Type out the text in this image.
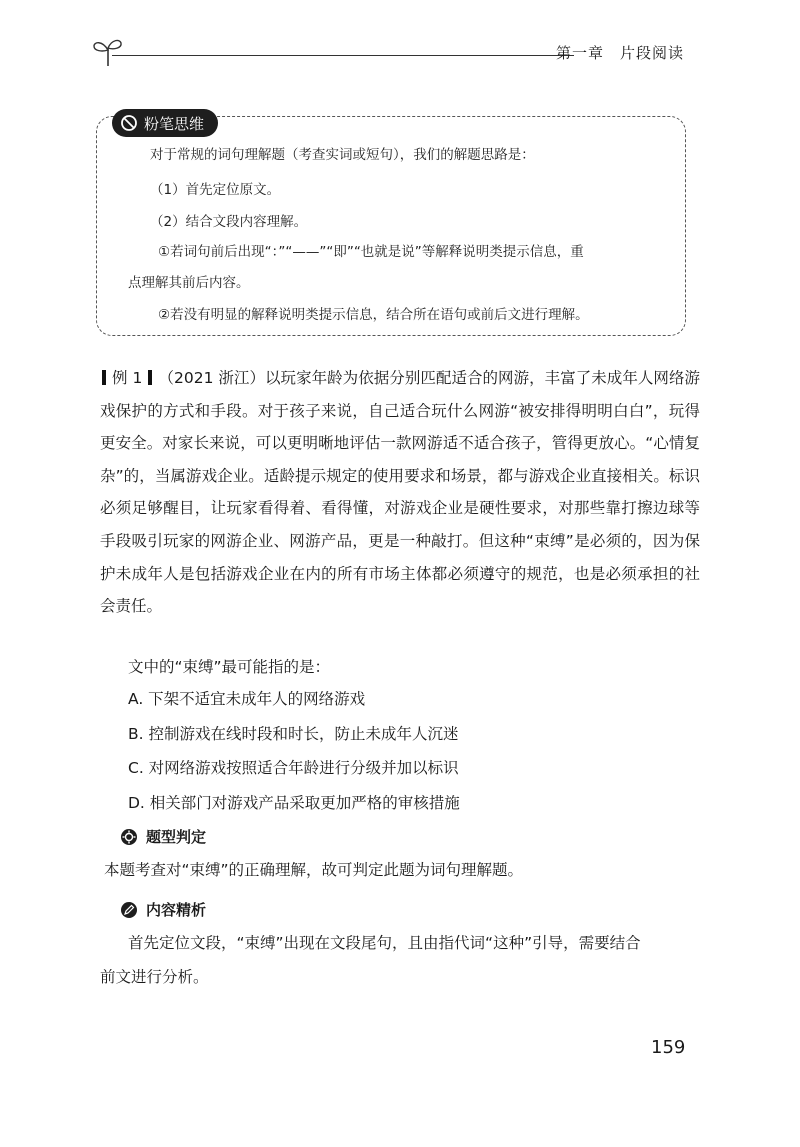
第一章　片段阅读
粉笔思维
对于常规的词句理解题（考查实词或短句），我们的解题思路是：
（1）首先定位原文。
（2）结合文段内容理解。
①若词句前后出现“：”“——”“即”“也就是说”等解释说明类提示信息，重
点理解其前后内容。
②若没有明显的解释说明类提示信息，结合所在语句或前后文进行理解。
例 1 （2021 浙江）以玩家年龄为依据分别匹配适合的网游，丰富了未成年人网络游戏保护的方式和手段。对于孩子来说，自己适合玩什么网游“被安排得明明白白”，玩得更安全。对家长来说，可以更明晰地评估一款网游适不适合孩子，管得更放心。“心情复杂”的，当属游戏企业。适龄提示规定的使用要求和场景，都与游戏企业直接相关。标识必须足够醒目，让玩家看得着、看得懂，对游戏企业是硬性要求，对那些靠打擦边球等手段吸引玩家的网游企业、网游产品，更是一种敲打。但这种“束缚”是必须的，因为保护未成年人是包括游戏企业在内的所有市场主体都必须遵守的规范，也是必须承担的社会责任。
文中的“束缚”最可能指的是：
A. 下架不适宜未成年人的网络游戏
B. 控制游戏在线时段和时长，防止未成年人沉迷
C. 对网络游戏按照适合年龄进行分级并加以标识
D. 相关部门对游戏产品采取更加严格的审核措施
题型判定
本题考查对“束缚”的正确理解，故可判定此题为词句理解题。
内容精析
首先定位文段，“束缚”出现在文段尾句，且由指代词“这种”引导，需要结合
前文进行分析。
159
